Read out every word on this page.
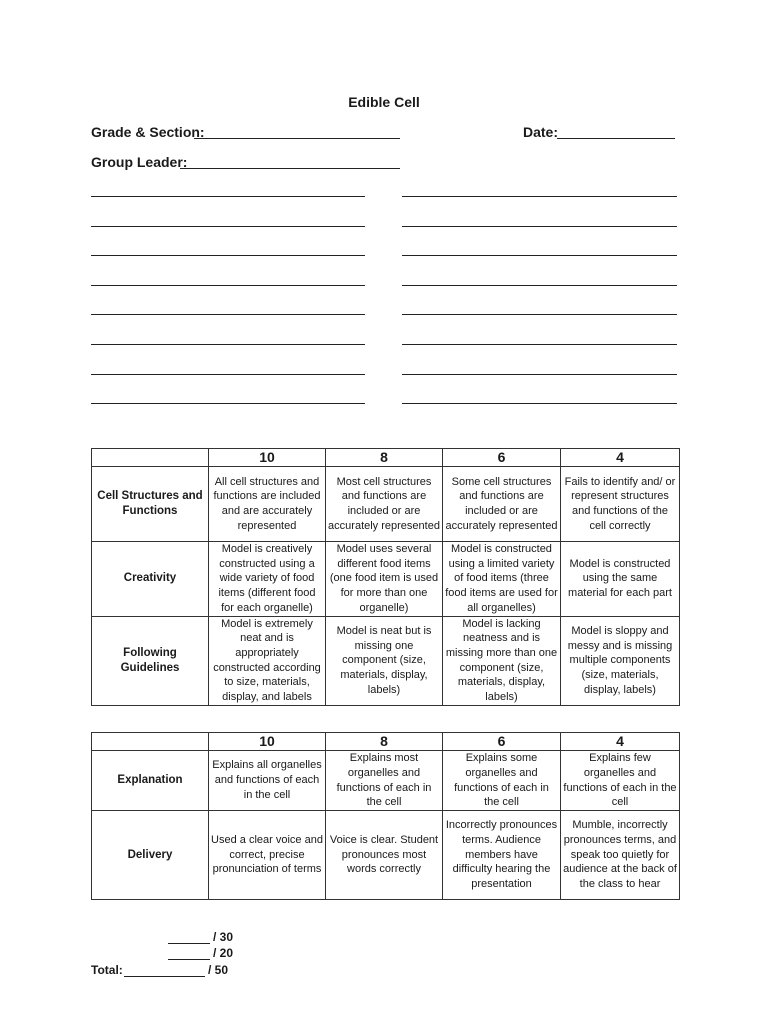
Edible Cell
Grade & Section:	Date:
Group Leader:
	10	8	6	4
Cell Structures and Functions	All cell structures and functions are included and are accurately represented	Most cell structures and functions are included or are accurately represented	Some cell structures and functions are included or are accurately represented	Fails to identify and/ or represent structures and functions of the cell correctly
Creativity	Model is creatively constructed using a wide variety of food items (different food for each organelle)	Model uses several different food items (one food item is used for more than one organelle)	Model is constructed using a limited variety of food items (three food items are used for all organelles)	Model is constructed using the same material for each part
Following Guidelines	Model is extremely neat and is appropriately constructed according to size, materials, display, and labels	Model is neat but is missing one component (size, materials, display, labels)	Model is lacking neatness and is missing more than one component (size, materials, display, labels)	Model is sloppy and messy and is missing multiple components (size, materials, display, labels)
	10	8	6	4
Explanation	Explains all organelles and functions of each in the cell	Explains most organelles and functions of each in the cell	Explains some organelles and functions of each in the cell	Explains few organelles and functions of each in the cell
Delivery	Used a clear voice and correct, precise pronunciation of terms	Voice is clear. Student pronounces most words correctly	Incorrectly pronounces terms. Audience members have difficulty hearing the presentation	Mumble, incorrectly pronounces terms, and speak too quietly for audience at the back of the class to hear
/ 30
/ 20
Total:	/ 50
